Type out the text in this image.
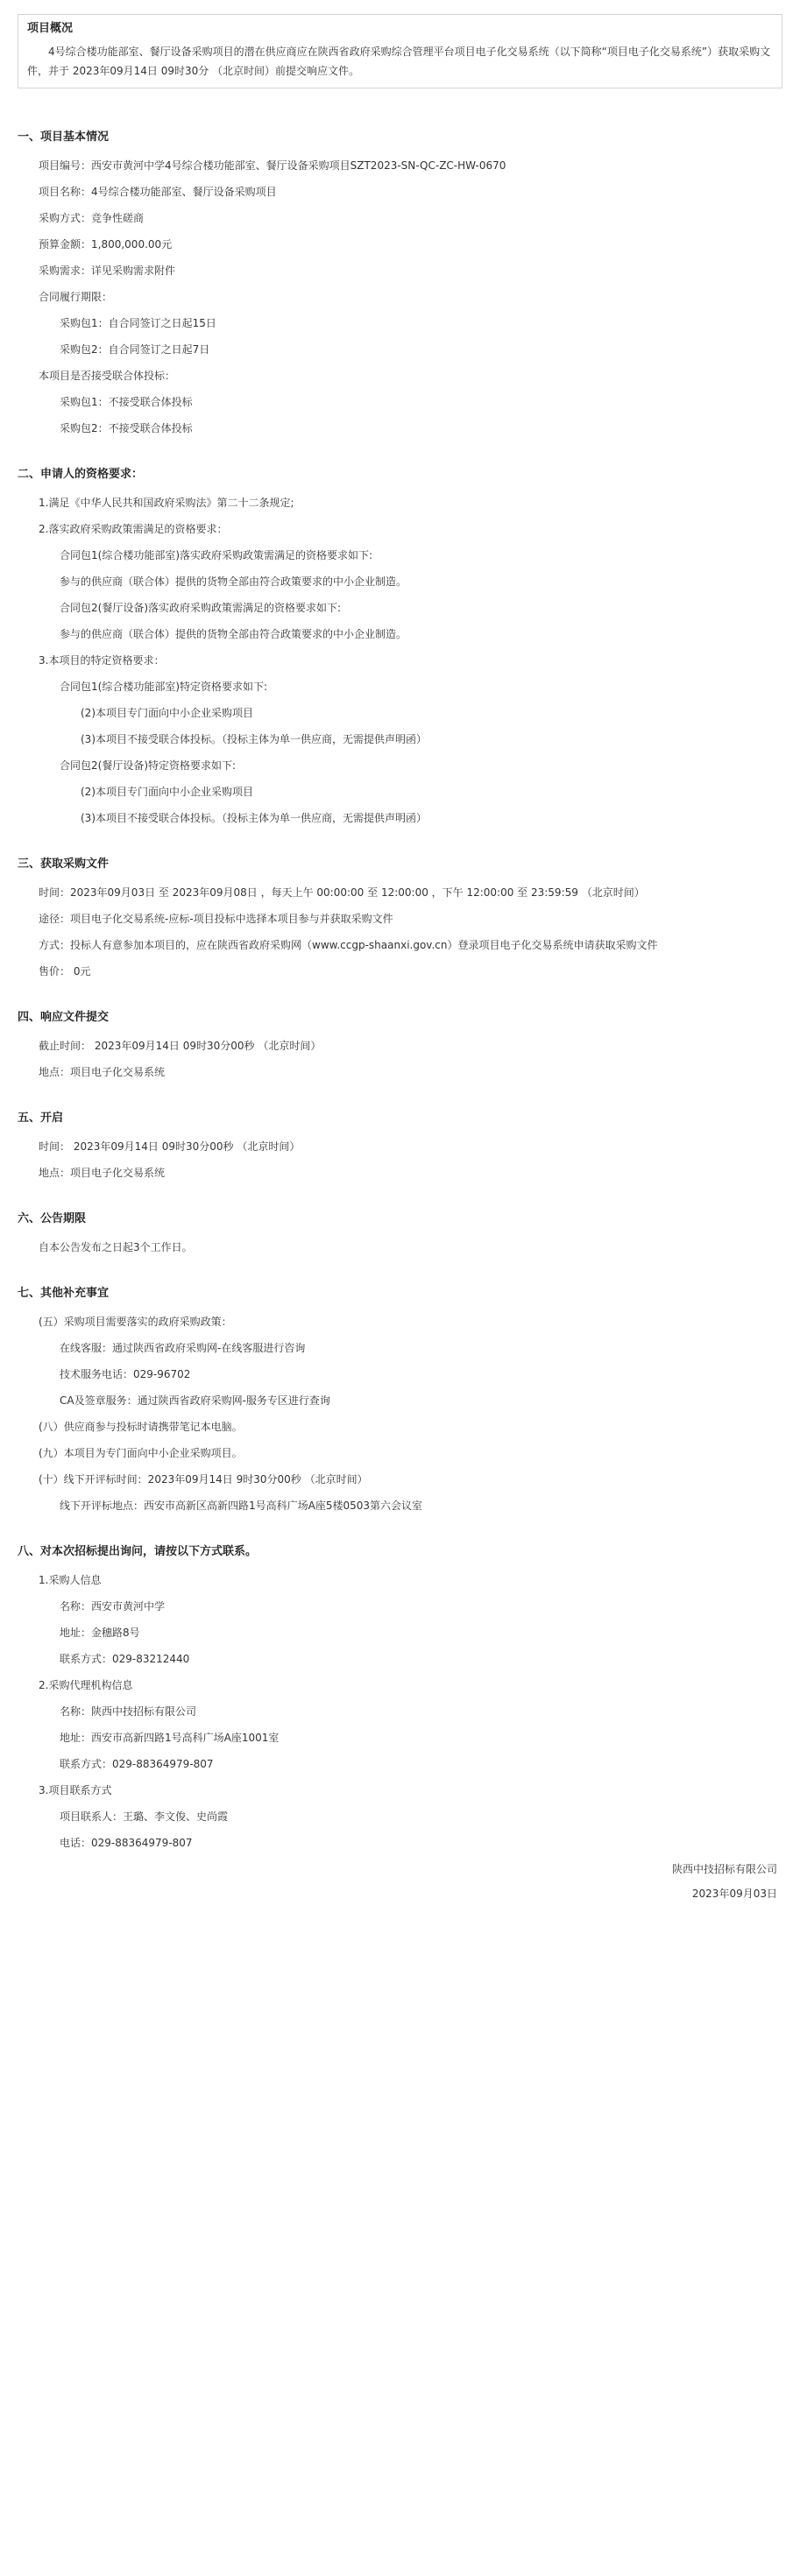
项目概况
4号综合楼功能部室、餐厅设备采购项目的潜在供应商应在陕西省政府采购综合管理平台项目电子化交易系统（以下简称“项目电子化交易系统”）获取采购文件，并于 2023年09月14日 09时30分 （北京时间）前提交响应文件。
一、项目基本情况
项目编号：西安市黄河中学4号综合楼功能部室、餐厅设备采购项目SZT2023-SN-QC-ZC-HW-0670
项目名称：4号综合楼功能部室、餐厅设备采购项目
采购方式：竞争性磋商
预算金额：1,800,000.00元
采购需求：详见采购需求附件
合同履行期限：
采购包1：自合同签订之日起15日
采购包2：自合同签订之日起7日
本项目是否接受联合体投标：
采购包1：不接受联合体投标
采购包2：不接受联合体投标
二、申请人的资格要求：
1.满足《中华人民共和国政府采购法》第二十二条规定;
2.落实政府采购政策需满足的资格要求：
合同包1(综合楼功能部室)落实政府采购政策需满足的资格要求如下:
参与的供应商（联合体）提供的货物全部由符合政策要求的中小企业制造。
合同包2(餐厅设备)落实政府采购政策需满足的资格要求如下:
参与的供应商（联合体）提供的货物全部由符合政策要求的中小企业制造。
3.本项目的特定资格要求：
合同包1(综合楼功能部室)特定资格要求如下:
(2)本项目专门面向中小企业采购项目
(3)本项目不接受联合体投标。（投标主体为单一供应商，无需提供声明函）
合同包2(餐厅设备)特定资格要求如下:
(2)本项目专门面向中小企业采购项目
(3)本项目不接受联合体投标。（投标主体为单一供应商，无需提供声明函）
三、获取采购文件
时间：2023年09月03日 至 2023年09月08日 ，每天上午 00:00:00 至 12:00:00 ，下午 12:00:00 至 23:59:59 （北京时间）
途径：项目电子化交易系统-应标-项目投标中选择本项目参与并获取采购文件
方式：投标人有意参加本项目的，应在陕西省政府采购网（www.ccgp-shaanxi.gov.cn）登录项目电子化交易系统申请获取采购文件
售价： 0元
四、响应文件提交
截止时间： 2023年09月14日 09时30分00秒 （北京时间）
地点：项目电子化交易系统
五、开启
时间： 2023年09月14日 09时30分00秒 （北京时间）
地点：项目电子化交易系统
六、公告期限
自本公告发布之日起3个工作日。
七、其他补充事宜
(五）采购项目需要落实的政府采购政策：
在线客服：通过陕西省政府采购网-在线客服进行咨询
技术服务电话：029-96702
CA及签章服务：通过陕西省政府采购网-服务专区进行查询
(八）供应商参与投标时请携带笔记本电脑。
(九）本项目为专门面向中小企业采购项目。
(十）线下开评标时间：2023年09月14日 9时30分00秒 （北京时间）
线下开评标地点：西安市高新区高新四路1号高科广场A座5楼0503第六会议室
八、对本次招标提出询问，请按以下方式联系。
1.采购人信息
名称：西安市黄河中学
地址：金穗路8号
联系方式：029-83212440
2.采购代理机构信息
名称：陕西中技招标有限公司
地址：西安市高新四路1号高科广场A座1001室
联系方式：029-88364979-807
3.项目联系方式
项目联系人：王璐、李文俊、史尚霞
电话：029-88364979-807
陕西中技招标有限公司
2023年09月03日
